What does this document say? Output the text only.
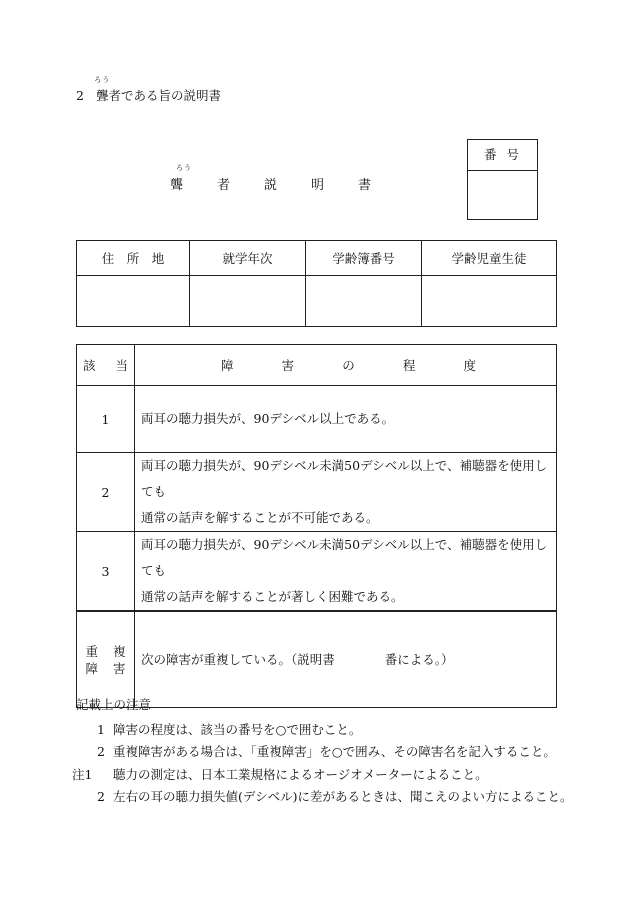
2
ろう
聾者である旨の説明書
番号
ろう
聾	者	説	明	書
住　所　地	就学年次	学齢簿番号	学齢児童生徒

該 当	障 害 の 程 度

1	両耳の聴力損失が、90デシベル以上である。

2	両耳の聴力損失が、90デシベル未満50デシベル以上で、補聴器を使用しても
通常の話声を解することが不可能である。

3	両耳の聴力損失が、90デシベル未満50デシベル以上で、補聴器を使用しても
通常の話声を解することが著しく困難である。

重 複
障 害	次の障害が重複している。（説明書　　　　番による。）
記載上の注意
1 障害の程度は、該当の番号を○で囲むこと。
2 重複障害がある場合は、「重複障害」を○で囲み、その障害名を記入すること。
注1 聴力の測定は、日本工業規格によるオージオメーターによること。
2 左右の耳の聴力損失値(デシベル)に差があるときは、聞こえのよい方によること。
